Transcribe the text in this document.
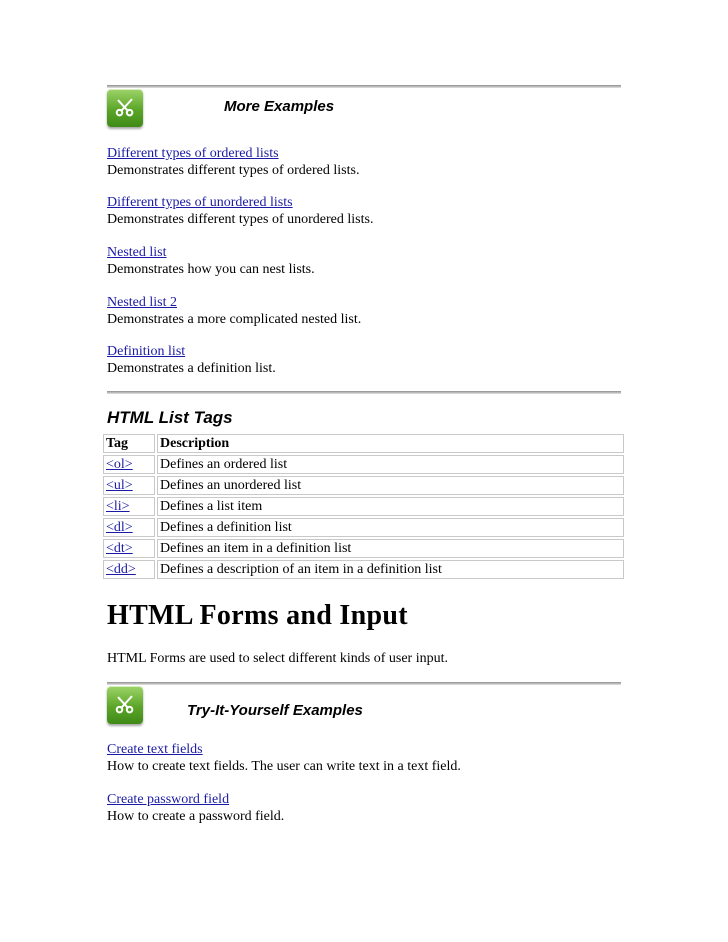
More Examples
Different types of ordered lists
Demonstrates different types of ordered lists.
Different types of unordered lists
Demonstrates different types of unordered lists.
Nested list
Demonstrates how you can nest lists.
Nested list 2
Demonstrates a more complicated nested list.
Definition list
Demonstrates a definition list.
HTML List Tags
Tag	Description
<ol>	Defines an ordered list
<ul>	Defines an unordered list
<li>	Defines a list item
<dl>	Defines a definition list
<dt>	Defines an item in a definition list
<dd>	Defines a description of an item in a definition list
HTML Forms and Input
HTML Forms are used to select different kinds of user input.
Try-It-Yourself Examples
Create text fields
How to create text fields. The user can write text in a text field.
Create password field
How to create a password field.
